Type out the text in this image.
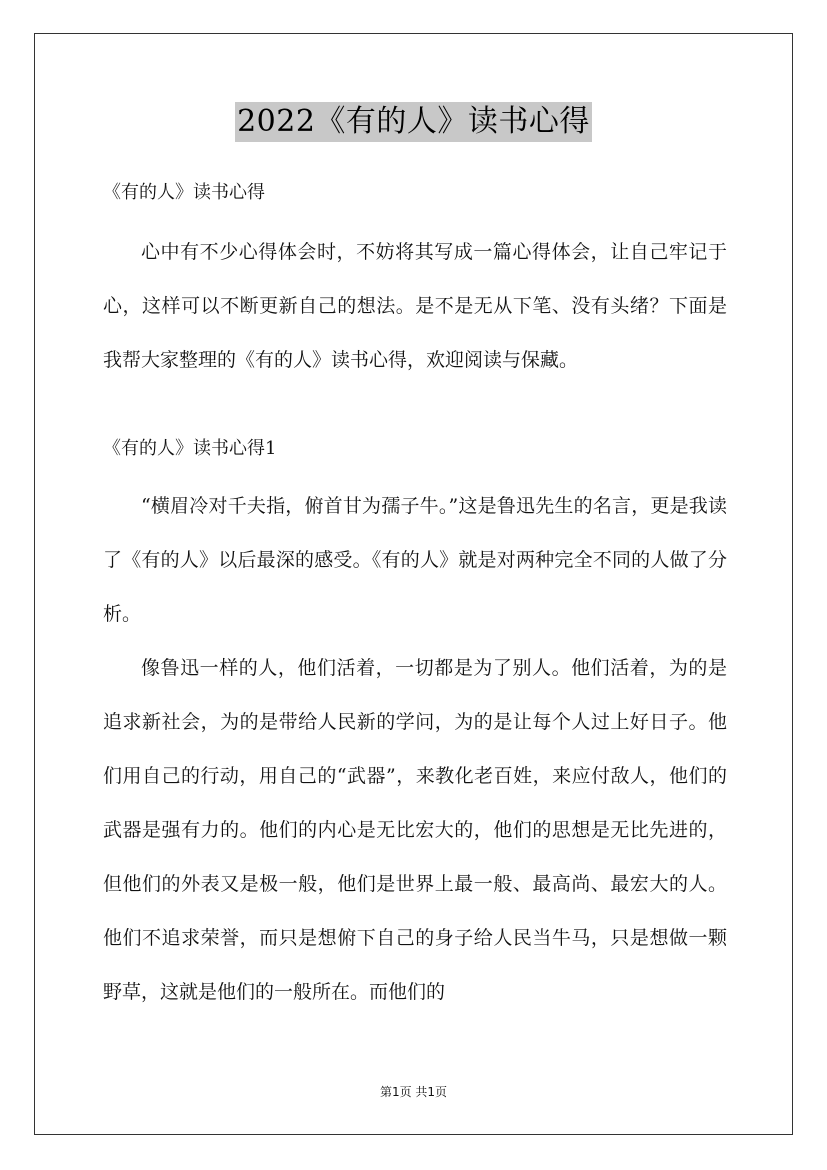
2022《有的人》读书心得

《有的人》读书心得

心中有不少心得体会时，不妨将其写成一篇心得体会，让自己牢记于心，这样可以不断更新自己的想法。是不是无从下笔、没有头绪？下面是我帮大家整理的《有的人》读书心得，欢迎阅读与保藏。

《有的人》读书心得1

“横眉冷对千夫指，俯首甘为孺子牛。”这是鲁迅先生的名言，更是我读了《有的人》以后最深的感受。《有的人》就是对两种完全不同的人做了分析。

像鲁迅一样的人，他们活着，一切都是为了别人。他们活着，为的是追求新社会，为的是带给人民新的学问，为的是让每个人过上好日子。他们用自己的行动，用自己的“武器”，来教化老百姓，来应付敌人，他们的武器是强有力的。他们的内心是无比宏大的，他们的思想是无比先进的，但他们的外表又是极一般，他们是世界上最一般、最高尚、最宏大的人。他们不追求荣誉，而只是想俯下自己的身子给人民当牛马，只是想做一颗野草，这就是他们的一般所在。而他们的

第1页 共1页
